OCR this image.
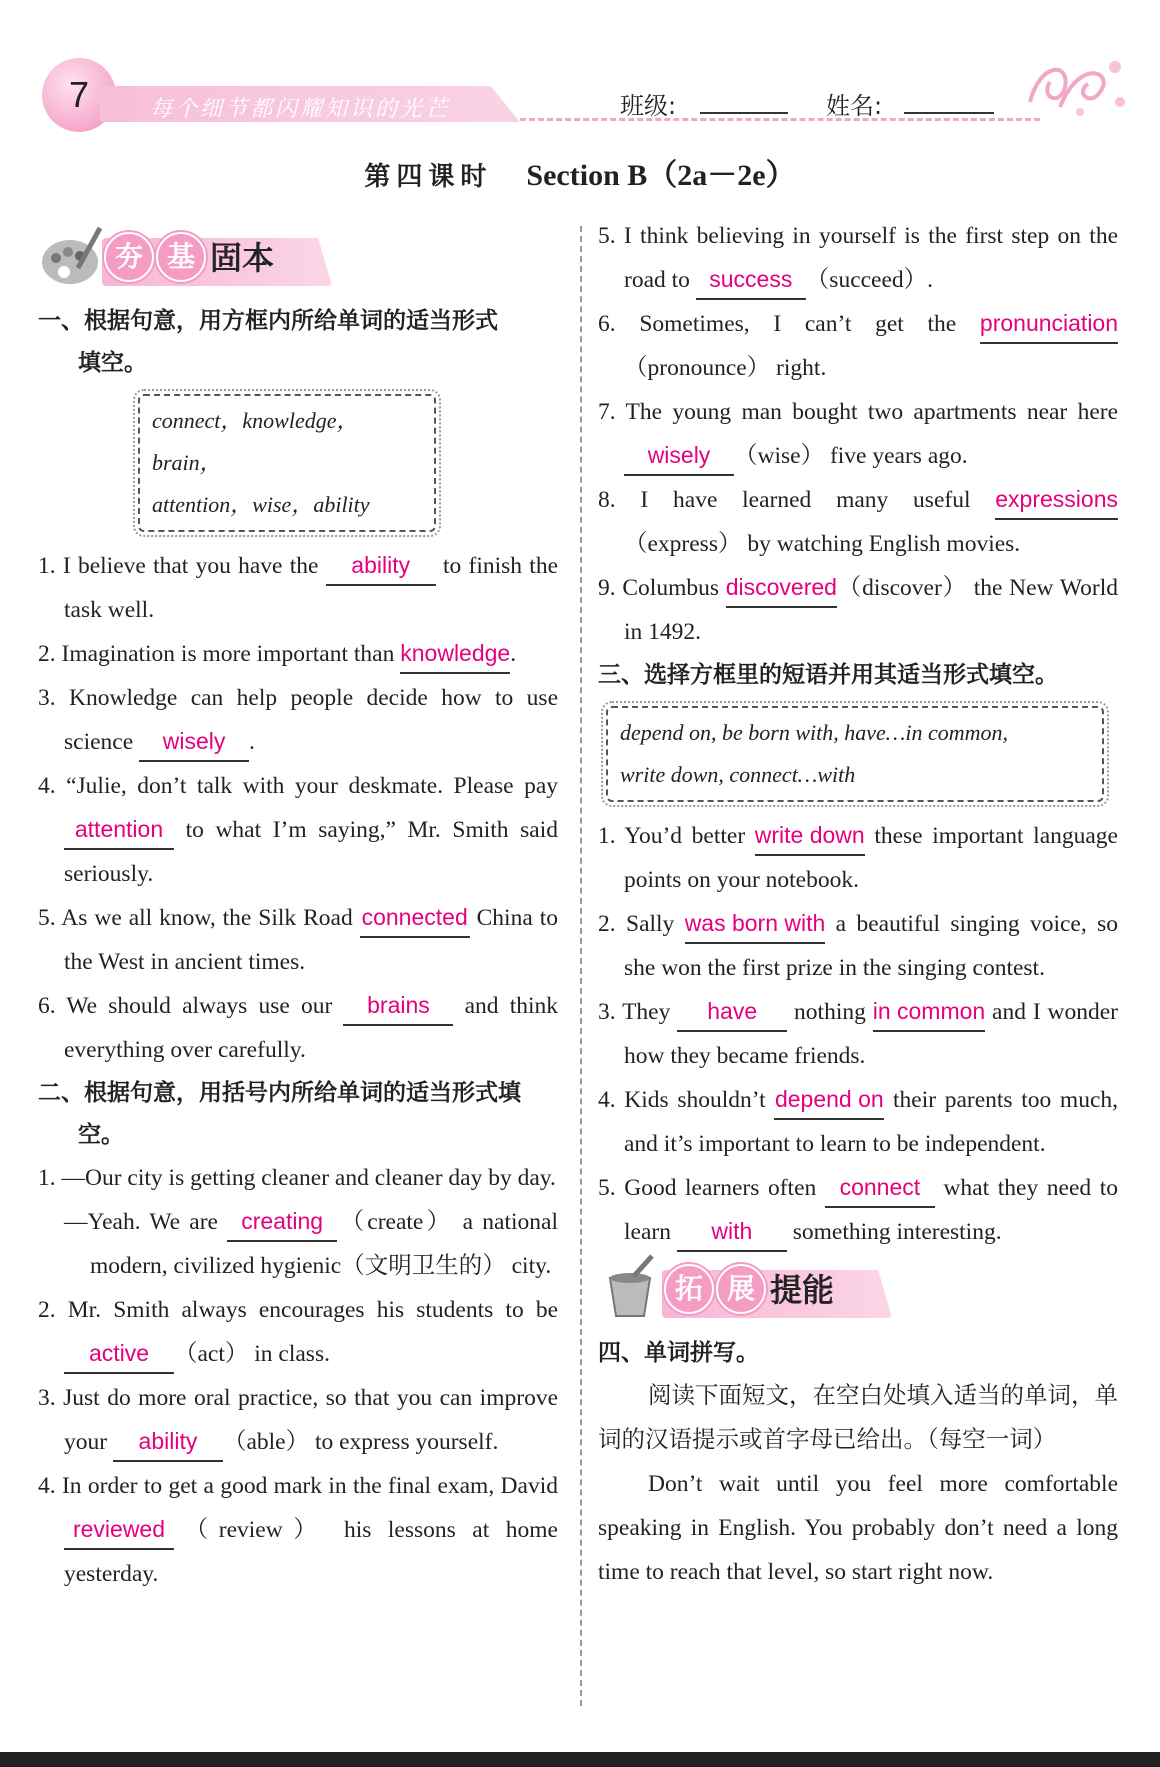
7	每个细节都闪耀知识的光芒	班级:	姓名:
第四课时 Section B（2a－2e）
夯 基 固本
一、根据句意，用方框内所给单词的适当形式
填空。
connect，knowledge，brain，
attention，wise，ability
1. I believe that you have the ability to finish the task well.
2. Imagination is more important than knowledge.
3. Knowledge can help people decide how to use science wisely .
4. “Julie, don’t talk with your deskmate. Please pay attention to what I’m saying,” Mr. Smith said seriously.
5. As we all know, the Silk Road connected China to the West in ancient times.
6. We should always use our brains and think everything over carefully.
二、根据句意，用括号内所给单词的适当形式填
空。
1. —Our city is getting cleaner and cleaner day by day.
—Yeah. We are creating （create） a national modern, civilized hygienic（文明卫生的） city.
2. Mr. Smith always encourages his students to be active （act） in class.
3. Just do more oral practice, so that you can improve your ability （able） to express yourself.
4. In order to get a good mark in the final exam, David reviewed （review） his lessons at home yesterday.
5. I think believing in yourself is the first step on the road to success （succeed）.
6. Sometimes, I can’t get the pronunciation（pronounce） right.
7. The young man bought two apartments near here wisely （wise） five years ago.
8. I have learned many useful expressions（express） by watching English movies.
9. Columbus discovered（discover） the New World in 1492.
三、选择方框里的短语并用其适当形式填空。
depend on, be born with, have…in common,
write down, connect…with
1. You’d better write down these important language points on your notebook.
2. Sally was born with a beautiful singing voice, so she won the first prize in the singing contest.
3. They have nothing in common and I wonder how they became friends.
4. Kids shouldn’t depend on their parents too much, and it’s important to learn to be independent.
5. Good learners often connect what they need to learn with something interesting.
拓 展 提能
四、单词拼写。
阅读下面短文，在空白处填入适当的单词，单词的汉语提示或首字母已给出。（每空一词）
Don’t wait until you feel more comfortable speaking in English. You probably don’t need a long time to reach that level, so start right now.
